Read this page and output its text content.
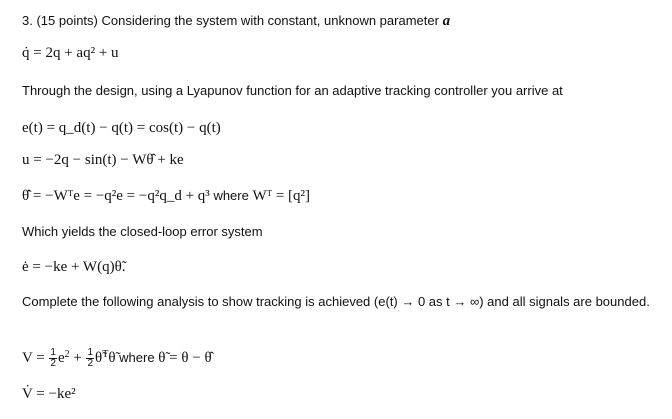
3. (15 points) Considering the system with constant, unknown parameter a
q̇ = 2q + aq² + u
Through the design, using a Lyapunov function for an adaptive tracking controller you arrive at
e(t) = q_d(t) − q(t) = cos(t) − q(t)
u = −2q − sin(t) − Wθ̂ + ke
θ̂̇ = −Wᵀe = −q²e = −q²q_d + q³ where Wᵀ = [q²]
Which yields the closed-loop error system
ė = −ke + W(q)θ̃.
Complete the following analysis to show tracking is achieved (e(t) → 0 as t → ∞) and all signals are bounded.
$V = \frac{1}{2} e^2 + \frac{1}{2}$ θ̃$^T$θ̃ where θ̃ = θ − θ̂
V̇ = −ke²
